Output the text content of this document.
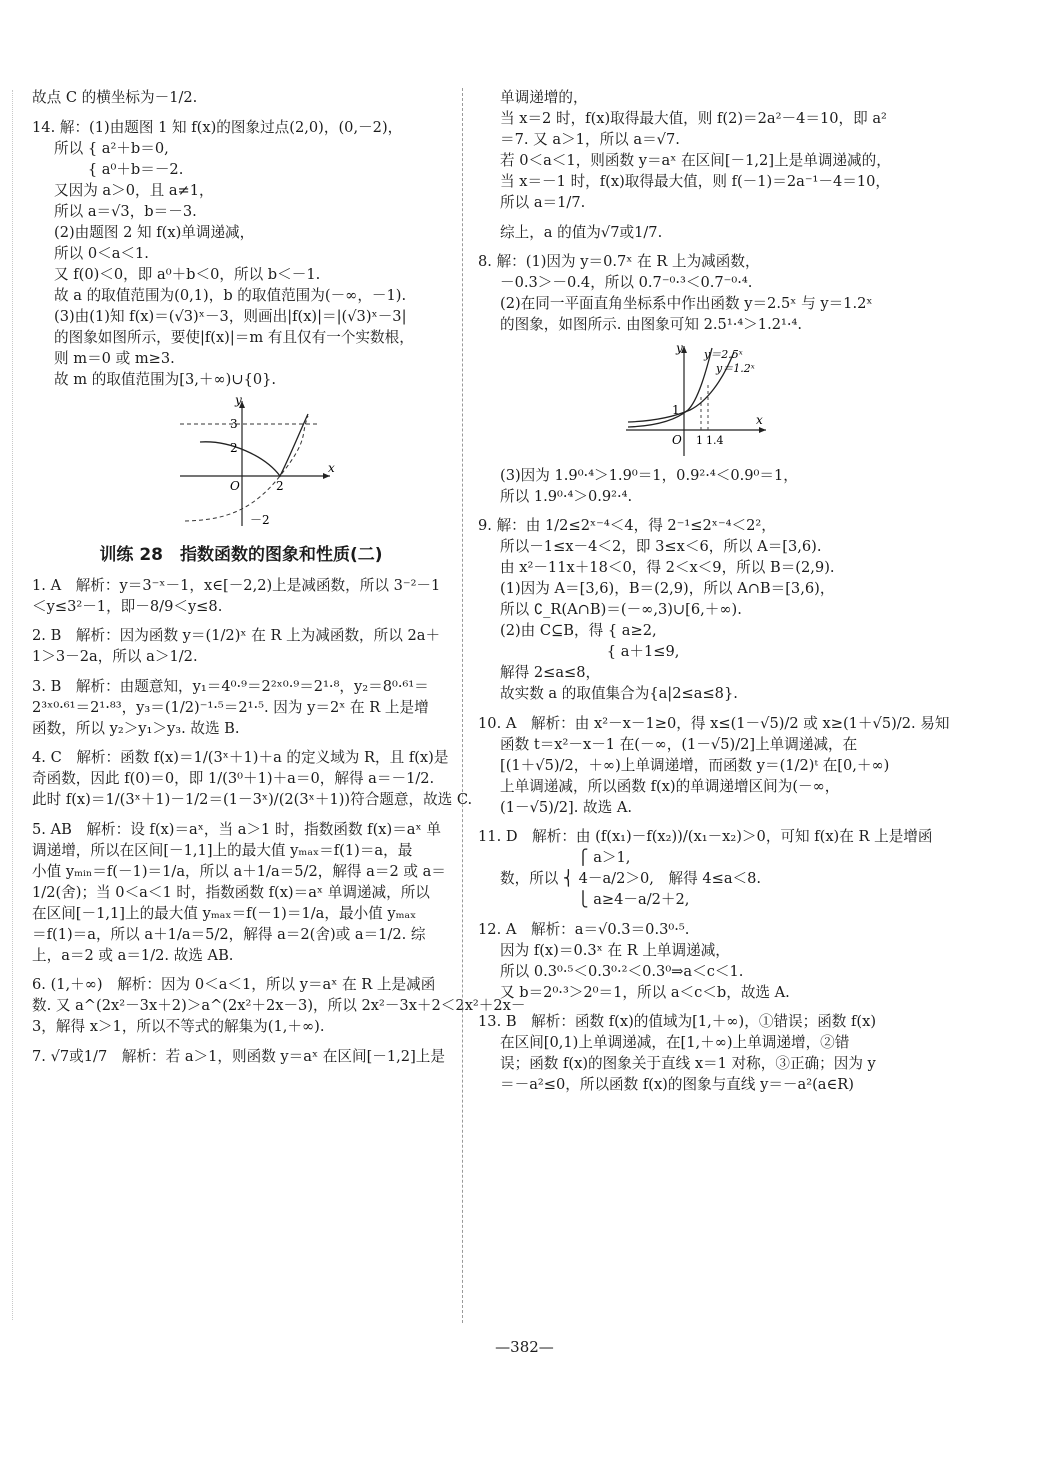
故点 C 的横坐标为－1/2.
14. 解：(1)由题图 1 知 f(x)的图象过点(2,0)，(0,－2)，
所以 { a²＋b＝0,
　　 { a⁰＋b＝－2.
又因为 a＞0，且 a≠1，
所以 a＝√3，b＝－3.
(2)由题图 2 知 f(x)单调递减，
所以 0＜a＜1.
又 f(0)＜0，即 a⁰＋b＜0，所以 b＜－1.
故 a 的取值范围为(0,1)，b 的取值范围为(－∞，－1).
(3)由(1)知 f(x)＝(√3)ˣ－3，则画出|f(x)|＝|(√3)ˣ－3|
的图象如图所示，要使|f(x)|＝m 有且仅有一个实数根，
则 m＝0 或 m≥3.
故 m 的取值范围为[3,＋∞)∪{0}.
y
x
3
2
－2
O	2
训练 28　指数函数的图象和性质(二)
1. A　解析：y＝3⁻ˣ－1，x∈[－2,2)上是减函数，所以 3⁻²－1
＜y≤3²－1，即－8/9＜y≤8.
2. B　解析：因为函数 y＝(1/2)ˣ 在 R 上为减函数，所以 2a＋
1＞3－2a，所以 a＞1/2.
3. B　解析：由题意知，y₁＝4⁰·⁹＝2²ˣ⁰·⁹＝2¹·⁸，y₂＝8⁰·⁶¹＝
2³ˣ⁰·⁶¹＝2¹·⁸³，y₃＝(1/2)⁻¹·⁵＝2¹·⁵. 因为 y＝2ˣ 在 R 上是增
函数，所以 y₂＞y₁＞y₃. 故选 B.
4. C　解析：函数 f(x)＝1/(3ˣ＋1)＋a 的定义域为 R，且 f(x)是
奇函数，因此 f(0)＝0，即 1/(3⁰＋1)＋a＝0，解得 a＝－1/2.
此时 f(x)＝1/(3ˣ＋1)－1/2＝(1－3ˣ)/(2(3ˣ＋1))符合题意，故选 C.
5. AB　解析：设 f(x)＝aˣ，当 a＞1 时，指数函数 f(x)＝aˣ 单
调递增，所以在区间[－1,1]上的最大值 yₘₐₓ＝f(1)＝a，最
小值 yₘᵢₙ＝f(－1)＝1/a，所以 a＋1/a＝5/2，解得 a＝2 或 a＝
1/2(舍)；当 0＜a＜1 时，指数函数 f(x)＝aˣ 单调递减，所以
在区间[－1,1]上的最大值 yₘₐₓ＝f(－1)＝1/a，最小值 yₘₐₓ
＝f(1)＝a，所以 a＋1/a＝5/2，解得 a＝2(舍)或 a＝1/2. 综
上，a＝2 或 a＝1/2. 故选 AB.
6. (1,＋∞)　解析：因为 0＜a＜1，所以 y＝aˣ 在 R 上是减函
数. 又 a^(2x²－3x＋2)＞a^(2x²＋2x－3)，所以 2x²－3x＋2＜2x²＋2x－
3，解得 x＞1，所以不等式的解集为(1,＋∞).
7. √7或1/7　解析：若 a＞1，则函数 y＝aˣ 在区间[－1,2]上是
单调递增的，
当 x＝2 时，f(x)取得最大值，则 f(2)＝2a²－4＝10，即 a²
＝7. 又 a＞1，所以 a＝√7.
若 0＜a＜1，则函数 y＝aˣ 在区间[－1,2]上是单调递减的，
当 x＝－1 时，f(x)取得最大值，则 f(－1)＝2a⁻¹－4＝10，
所以 a＝1/7.
综上，a 的值为√7或1/7.
8. 解：(1)因为 y＝0.7ˣ 在 R 上为减函数，
－0.3＞－0.4，所以 0.7⁻⁰·³＜0.7⁻⁰·⁴.
(2)在同一平面直角坐标系中作出函数 y＝2.5ˣ 与 y＝1.2ˣ
的图象，如图所示. 由图象可知 2.5¹·⁴＞1.2¹·⁴.
y
x
y＝2.5ˣ
y＝1.2ˣ
1
O 1 1.4
(3)因为 1.9⁰·⁴＞1.9⁰＝1，0.9²·⁴＜0.9⁰＝1，
所以 1.9⁰·⁴＞0.9²·⁴.
9. 解：由 1/2≤2ˣ⁻⁴＜4，得 2⁻¹≤2ˣ⁻⁴＜2²，
所以－1≤x－4＜2，即 3≤x＜6，所以 A＝[3,6).
由 x²－11x＋18＜0，得 2＜x＜9，所以 B＝(2,9).
(1)因为 A＝[3,6)，B＝(2,9)，所以 A∩B＝[3,6)，
所以 ∁_R(A∩B)＝(－∞,3)∪[6,＋∞).
(2)由 C⊆B，得 { a≥2,
　　　　　　　 { a＋1≤9,
解得 2≤a≤8，
故实数 a 的取值集合为{a|2≤a≤8}.
10. A　解析：由 x²－x－1≥0，得 x≤(1－√5)/2 或 x≥(1＋√5)/2. 易知
函数 t＝x²－x－1 在(－∞，(1－√5)/2]上单调递减，在
[(1＋√5)/2，＋∞)上单调递增，而函数 y＝(1/2)ᵗ 在[0,＋∞)
上单调递减，所以函数 f(x)的单调递增区间为(－∞，
(1－√5)/2]. 故选 A.
11. D　解析：由 (f(x₁)－f(x₂))/(x₁－x₂)＞0，可知 f(x)在 R 上是增函
　　　　　 ⎧ a＞1,
数，所以 ⎨ 4－a/2＞0,　解得 4≤a＜8.
　　　　　 ⎩ a≥4－a/2＋2,
12. A　解析：a＝√0.3＝0.3⁰·⁵.
因为 f(x)＝0.3ˣ 在 R 上单调递减，
所以 0.3⁰·⁵＜0.3⁰·²＜0.3⁰⇒a＜c＜1.
又 b＝2⁰·³＞2⁰＝1，所以 a＜c＜b，故选 A.
13. B　解析：函数 f(x)的值域为[1,＋∞)，①错误；函数 f(x)
在区间[0,1)上单调递减，在[1,＋∞)上单调递增，②错
误；函数 f(x)的图象关于直线 x＝1 对称，③正确；因为 y
＝－a²≤0，所以函数 f(x)的图象与直线 y＝－a²(a∈R)
—382—
